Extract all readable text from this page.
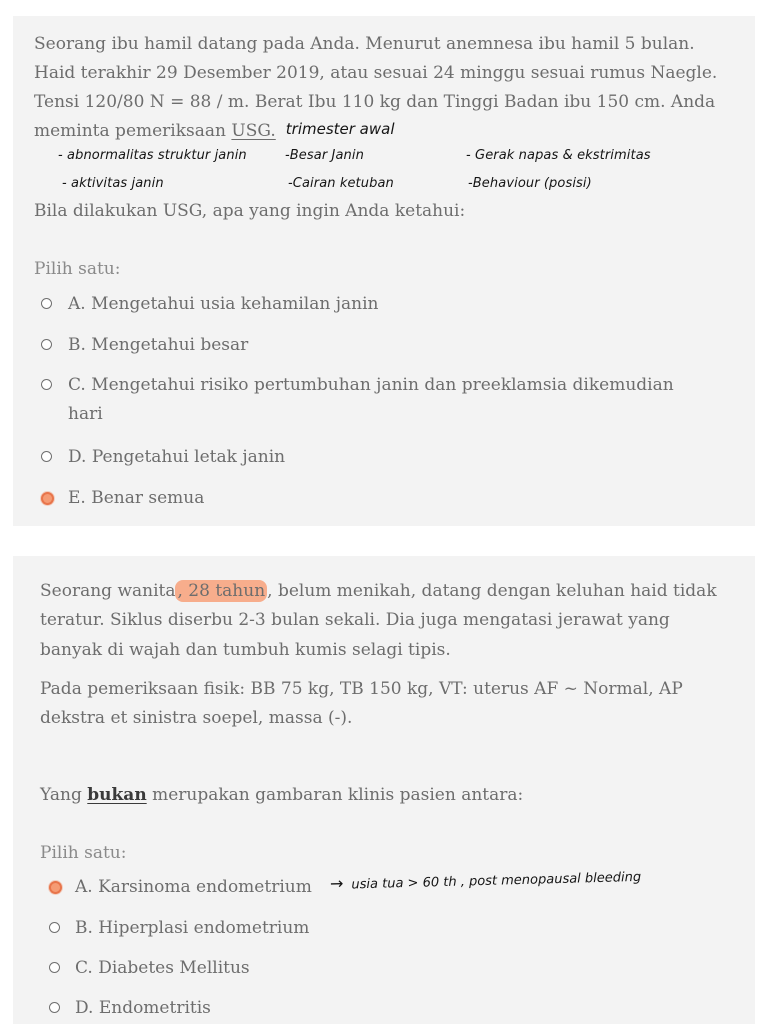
Seorang ibu hamil datang pada Anda. Menurut anemnesa ibu hamil 5 bulan.
Haid terakhir 29 Desember 2019, atau sesuai 24 minggu sesuai rumus Naegle.
Tensi 120/80 N = 88 / m. Berat Ibu 110 kg dan Tinggi Badan ibu 150 cm. Anda
meminta pemeriksaan USG. trimester awal
- abnormalitas struktur janin	-Besar Janin	- Gerak napas & ekstrimitas
- aktivitas janin	-Cairan ketuban	-Behaviour (posisi)
Bila dilakukan USG, apa yang ingin Anda ketahui:
Pilih satu:
A. Mengetahui usia kehamilan janin
B. Mengetahui besar
C. Mengetahui risiko pertumbuhan janin dan preeklamsia dikemudian hari
D. Pengetahui letak janin
E. Benar semua
Seorang wanita , 28 tahun , belum menikah, datang dengan keluhan haid tidak
teratur. Siklus diserbu 2-3 bulan sekali. Dia juga mengatasi jerawat yang
banyak di wajah dan tumbuh kumis selagi tipis.
Pada pemeriksaan fisik: BB 75 kg, TB 150 kg, VT: uterus AF ~ Normal, AP
dekstra et sinistra soepel, massa (-).
Yang bukan merupakan gambaran klinis pasien antara:
Pilih satu:
A. Karsinoma endometrium
B. Hiperplasi endometrium
C. Diabetes Mellitus
D. Endometritis
→ usia tua > 60 th , post menopausal bleeding
